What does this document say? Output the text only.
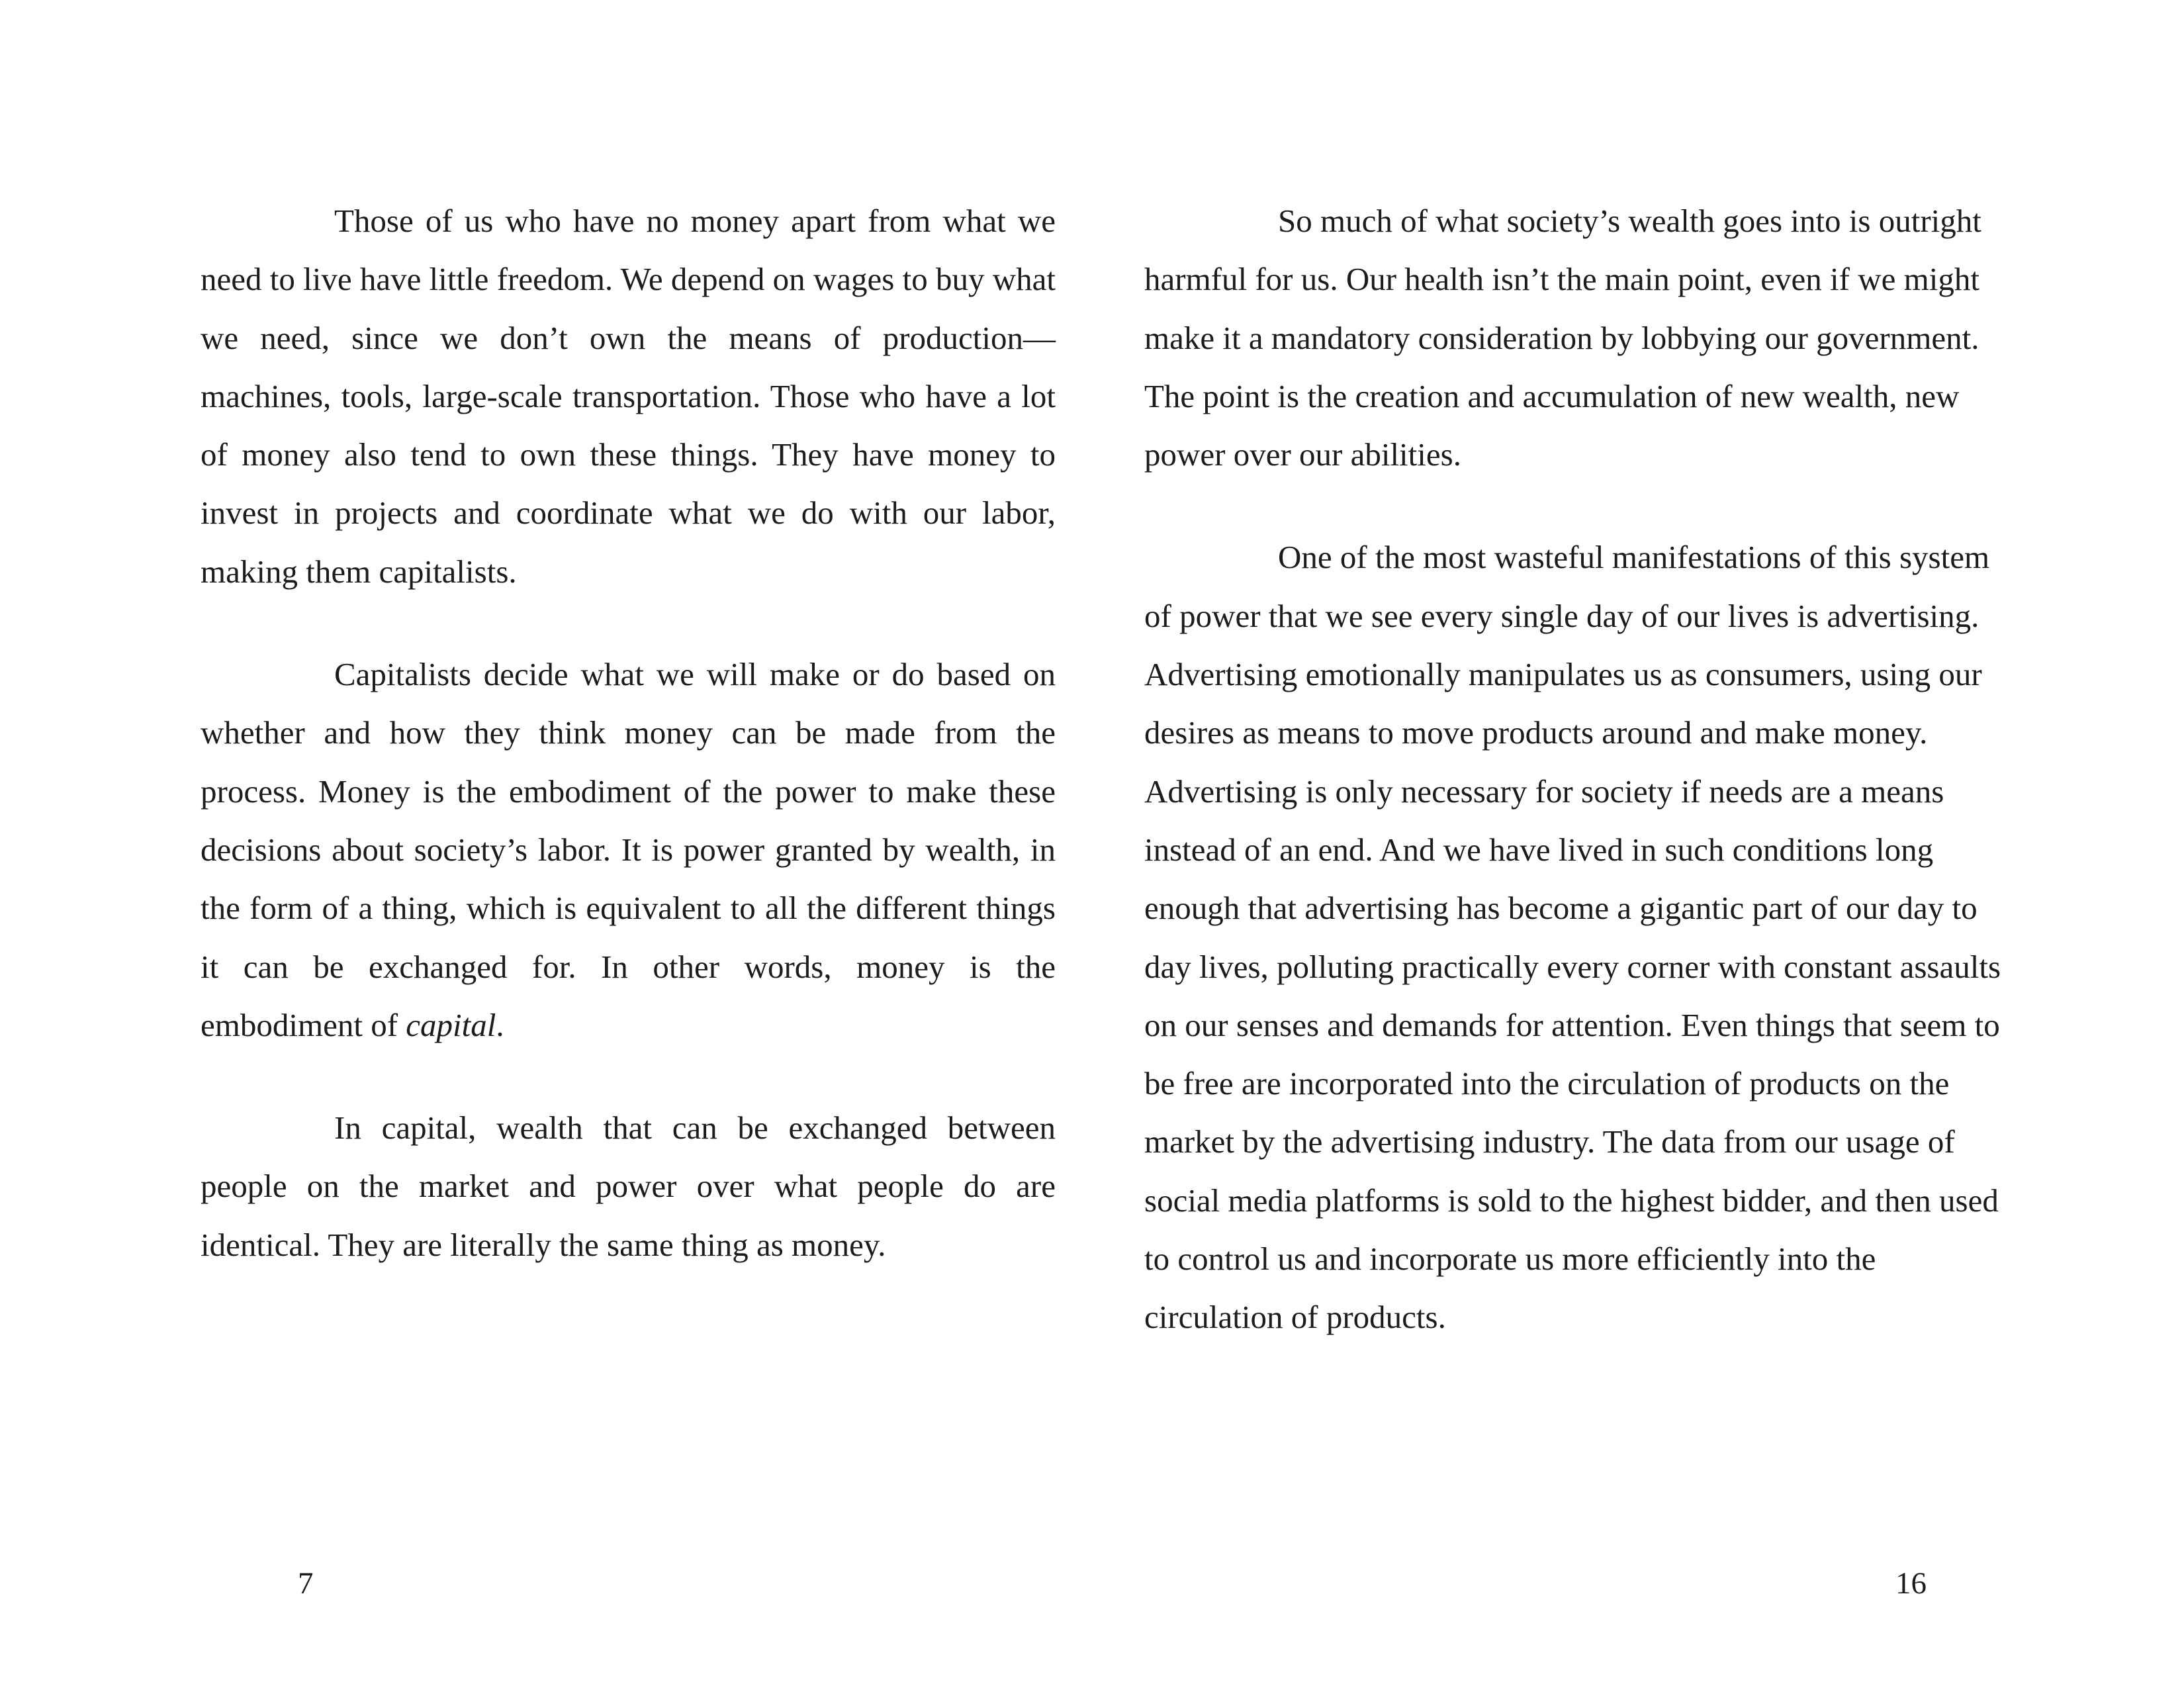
Those of us who have no money apart from what we need to live have little freedom. We depend on wages to buy what we need, since we don’t own the means of production—machines, tools, large-scale transportation. Those who have a lot of money also tend to own these things. They have money to invest in projects and coordinate what we do with our labor, making them capitalists.

Capitalists decide what we will make or do based on whether and how they think money can be made from the process. Money is the embodiment of the power to make these decisions about society’s labor. It is power granted by wealth, in the form of a thing, which is equivalent to all the different things it can be exchanged for. In other words, money is the embodiment of capital.

In capital, wealth that can be exchanged between people on the market and power over what people do are identical. They are literally the same thing as money.

7

So much of what society’s wealth goes into is outright harmful for us. Our health isn’t the main point, even if we might make it a mandatory consideration by lobbying our government. The point is the creation and accumulation of new wealth, new power over our abilities.

One of the most wasteful manifestations of this system of power that we see every single day of our lives is advertising. Advertising emotionally manipulates us as consumers, using our desires as means to move products around and make money. Advertising is only necessary for society if needs are a means instead of an end. And we have lived in such conditions long enough that advertising has become a gigantic part of our day to day lives, polluting practically every corner with constant assaults on our senses and demands for attention. Even things that seem to be free are incorporated into the circulation of products on the market by the advertising industry. The data from our usage of social media platforms is sold to the highest bidder, and then used to control us and incorporate us more efficiently into the circulation of products.

16
